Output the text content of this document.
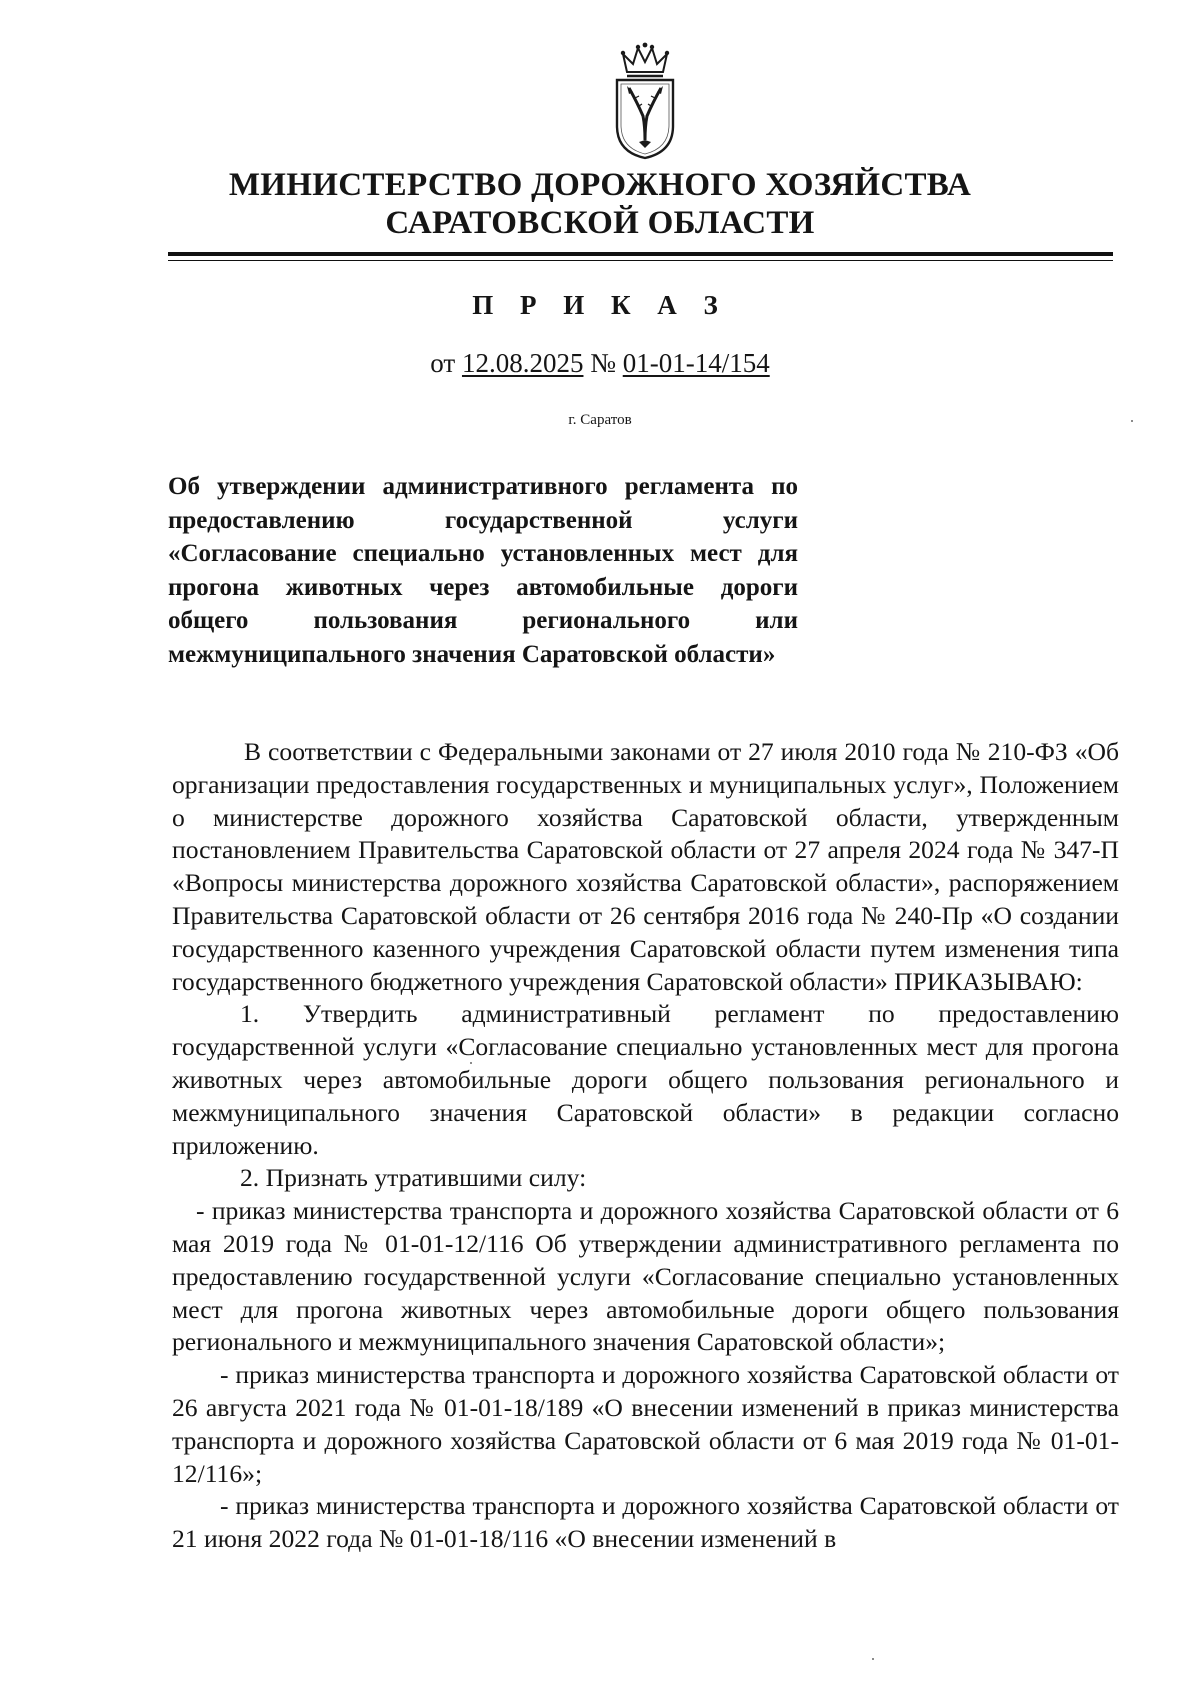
МИНИСТЕРСТВО ДОРОЖНОГО ХОЗЯЙСТВА
САРАТОВСКОЙ ОБЛАСТИ
П Р И К А З
от 12.08.2025 № 01-01-14/154
г. Саратов
Об утверждении административного регламента по предоставлению государственной услуги «Согласование специально установленных мест для прогона животных через автомобильные дороги общего пользования регионального или межмуниципального значения Саратовской области»

В соответствии с Федеральными законами от 27 июля 2010 года № 210-ФЗ «Об организации предоставления государственных и муниципальных услуг», Положением о министерстве дорожного хозяйства Саратовской области, утвержденным постановлением Правительства Саратовской области от 27 апреля 2024 года № 347-П «Вопросы министерства дорожного хозяйства Саратовской области», распоряжением Правительства Саратовской области от 26 сентября 2016 года № 240-Пр «О создании государственного казенного учреждения Саратовской области путем изменения типа государственного бюджетного учреждения Саратовской области» ПРИКАЗЫВАЮ:

1. Утвердить административный регламент по предоставлению государственной услуги «Согласование специально установленных мест для прогона животных через автомобильные дороги общего пользования регионального и межмуниципального значения Саратовской области» в редакции согласно приложению.

2. Признать утратившими силу:

- приказ министерства транспорта и дорожного хозяйства Саратовской области от 6 мая 2019 года № 01-01-12/116 Об утверждении административного регламента по предоставлению государственной услуги «Согласование специально установленных мест для прогона животных через автомобильные дороги общего пользования регионального и межмуниципального значения Саратовской области»;

- приказ министерства транспорта и дорожного хозяйства Саратовской области от 26 августа 2021 года № 01-01-18/189 «О внесении изменений в приказ министерства транспорта и дорожного хозяйства Саратовской области от 6 мая 2019 года № 01-01-12/116»;

- приказ министерства транспорта и дорожного хозяйства Саратовской области от 21 июня 2022 года № 01-01-18/116 «О внесении изменений в
